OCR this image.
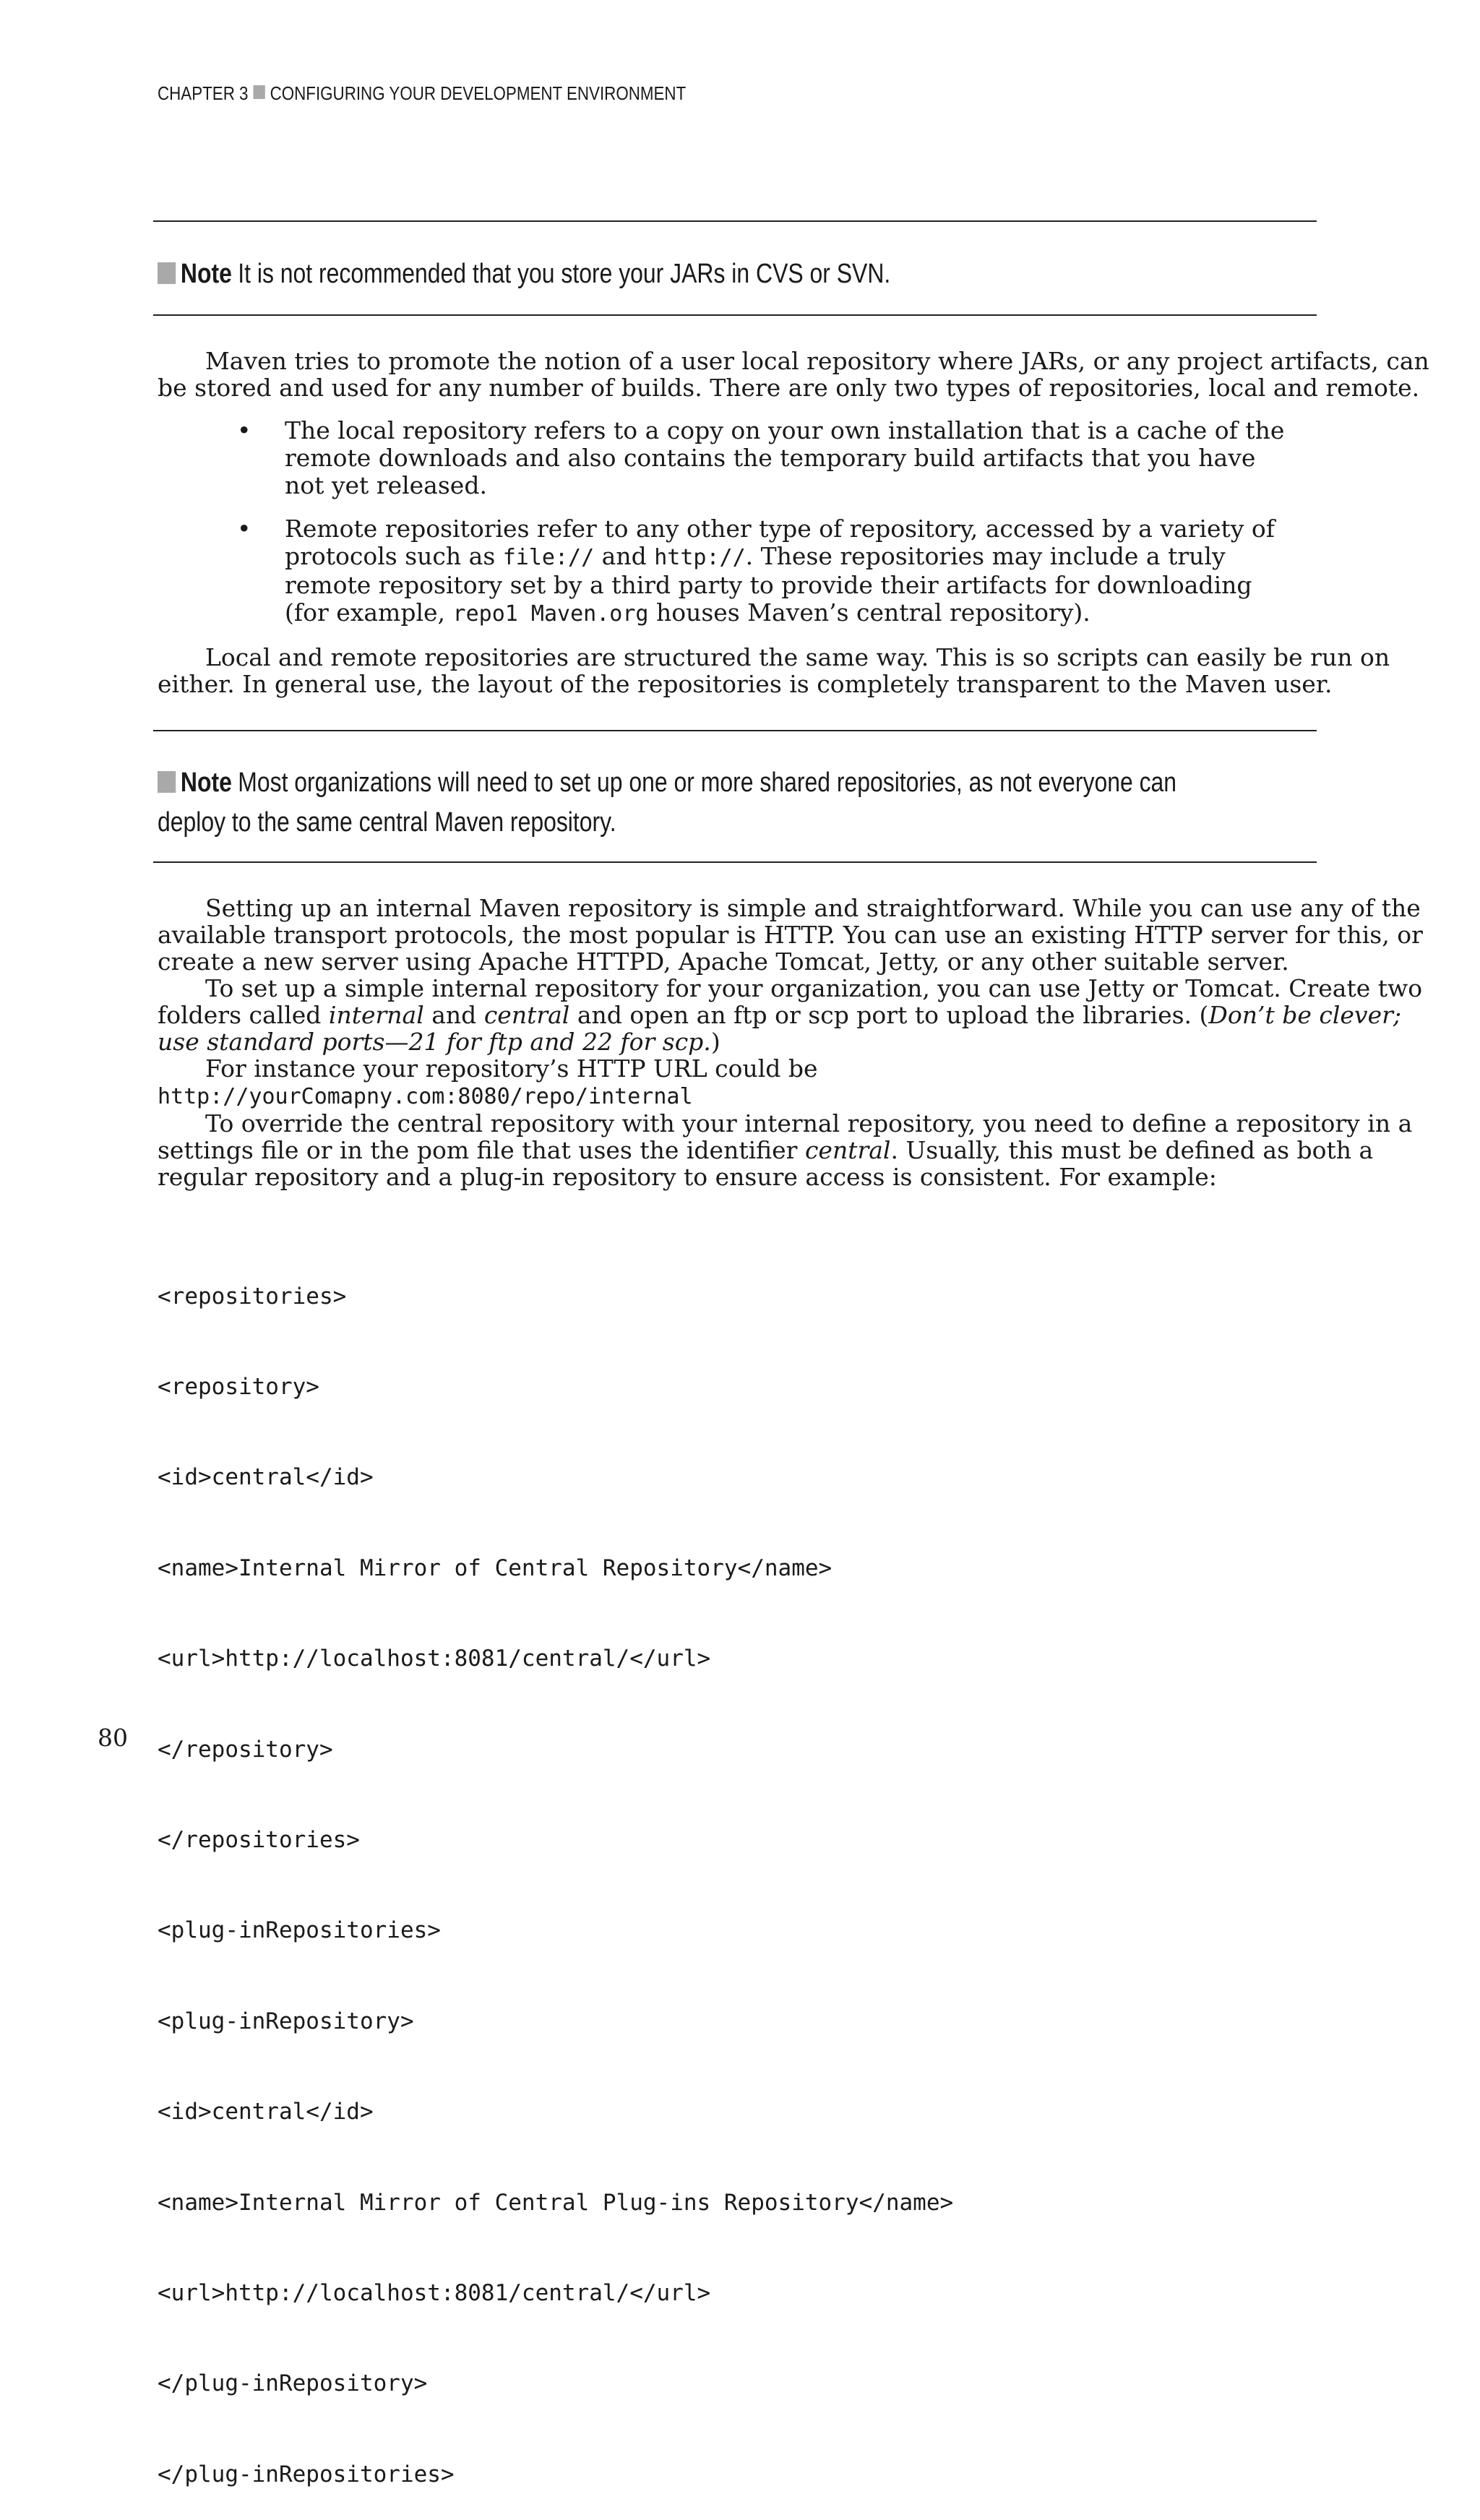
CHAPTER 3 CONFIGURING YOUR DEVELOPMENT ENVIRONMENT
Note It is not recommended that you store your JARs in CVS or SVN.

Maven tries to promote the notion of a user local repository where JARs, or any project artifacts, can

be stored and used for any number of builds. There are only two types of repositories, local and remote.

• The local repository refers to a copy on your own installation that is a cache of the
remote downloads and also contains the temporary build artifacts that you have
not yet released.
• Remote repositories refer to any other type of repository, accessed by a variety of
protocols such as file:// and http://. These repositories may include a truly
remote repository set by a third party to provide their artifacts for downloading
(for example, repo1 Maven.org houses Maven’s central repository).

Local and remote repositories are structured the same way. This is so scripts can easily be run on

either. In general use, the layout of the repositories is completely transparent to the Maven user.

Note Most organizations will need to set up one or more shared repositories, as not everyone can deploy to the same central Maven repository.

Setting up an internal Maven repository is simple and straightforward. While you can use any of the

available transport protocols, the most popular is HTTP. You can use an existing HTTP server for this, or

create a new server using Apache HTTPD, Apache Tomcat, Jetty, or any other suitable server.

To set up a simple internal repository for your organization, you can use Jetty or Tomcat. Create two

folders called internal and central and open an ftp or scp port to upload the libraries. (Don’t be clever;

use standard ports—21 for ftp and 22 for scp.)

For instance your repository’s HTTP URL could be

http://yourComapny.com:8080/repo/internal

To override the central repository with your internal repository, you need to define a repository in a

settings file or in the pom file that uses the identifier central. Usually, this must be defined as both a

regular repository and a plug-in repository to ensure access is consistent. For example:

<repositories>

<repository>

<id>central</id>

<name>Internal Mirror of Central Repository</name>

<url>http://localhost:8081/central/</url>

</repository>

</repositories>

<plug-inRepositories>

<plug-inRepository>

<id>central</id>

<name>Internal Mirror of Central Plug-ins Repository</name>

<url>http://localhost:8081/central/</url>

</plug-inRepository>

</plug-inRepositories>

80
